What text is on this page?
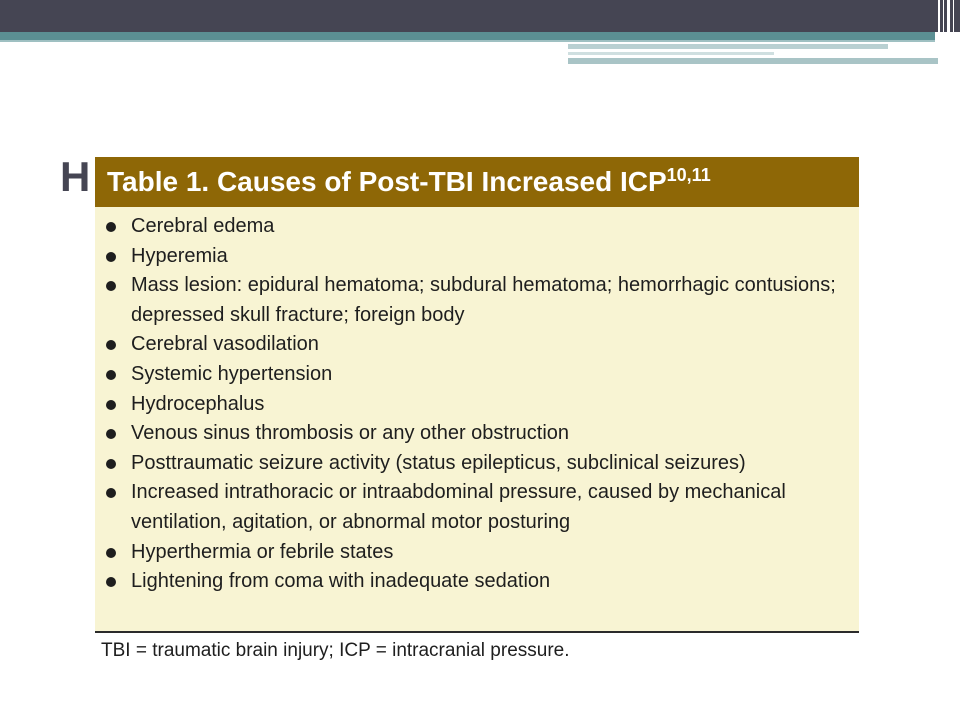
H Table 1. Causes of Post-TBI Increased ICP$^{10,11}$
Cerebral edema
Hyperemia
Mass lesion: epidural hematoma; subdural hematoma; hemorrhagic contusions; depressed skull fracture; foreign body
Cerebral vasodilation
Systemic hypertension
Hydrocephalus
Venous sinus thrombosis or any other obstruction
Posttraumatic seizure activity (status epilepticus, subclinical seizures)
Increased intrathoracic or intraabdominal pressure, caused by mechanical ventilation, agitation, or abnormal motor posturing
Hyperthermia or febrile states
Lightening from coma with inadequate sedation
TBI = traumatic brain injury; ICP = intracranial pressure.
